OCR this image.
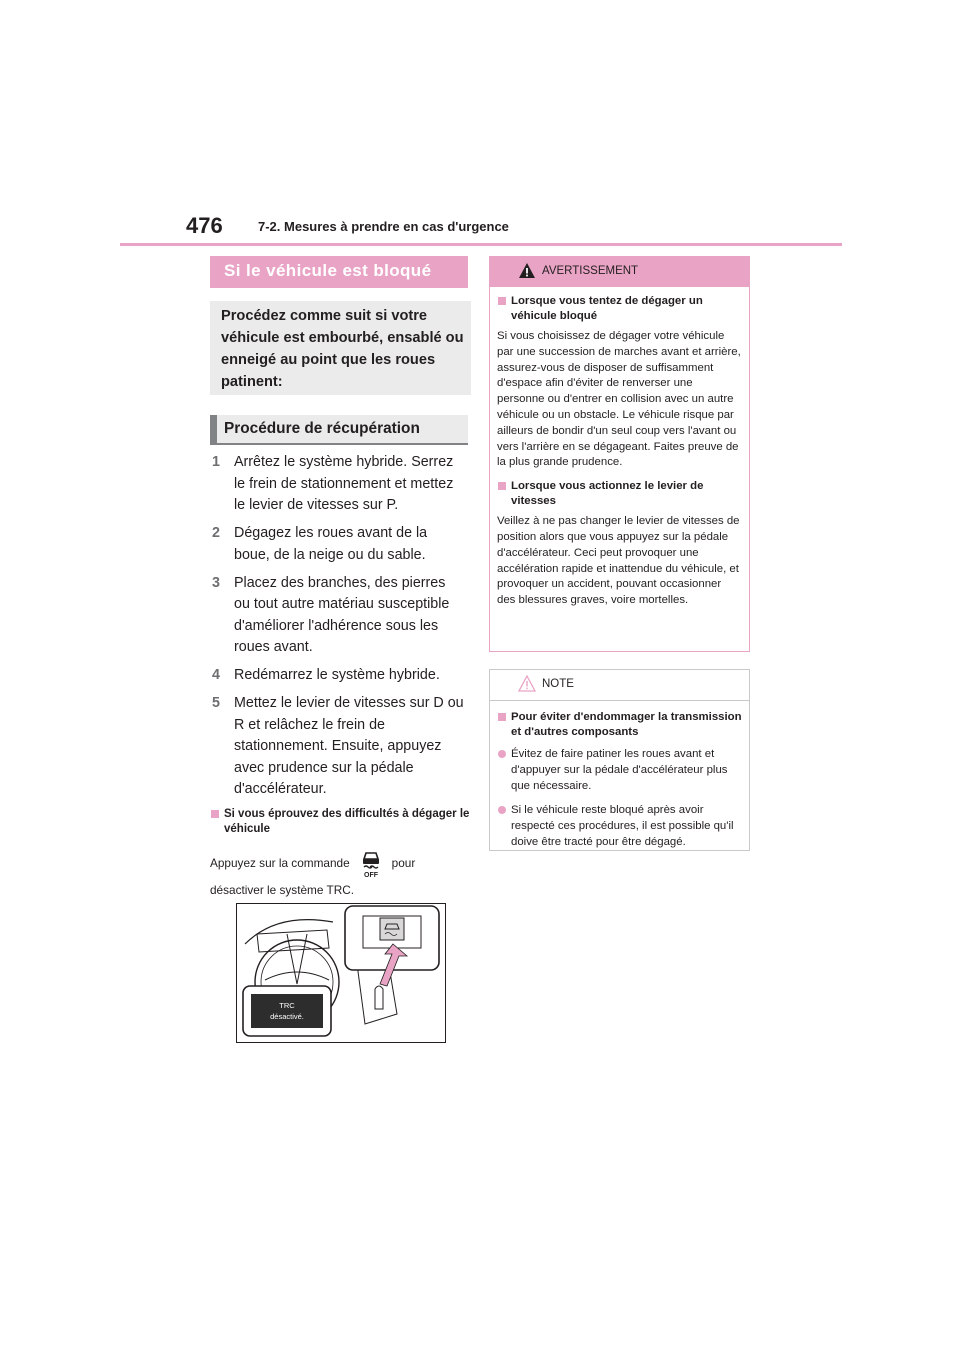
476	7-2. Mesures à prendre en cas d'urgence
Si le véhicule est bloqué
Procédez comme suit si votre véhicule est embourbé, ensablé ou enneigé au point que les roues patinent:
Procédure de récupération
1 Arrêtez le système hybride. Serrez le frein de stationnement et mettez le levier de vitesses sur P.
2 Dégagez les roues avant de la boue, de la neige ou du sable.
3 Placez des branches, des pierres ou tout autre matériau susceptible d'améliorer l'adhérence sous les roues avant.
4 Redémarrez le système hybride.
5 Mettez le levier de vitesses sur D ou R et relâchez le frein de stationnement. Ensuite, appuyez avec prudence sur la pédale d'accélérateur.
Si vous éprouvez des difficultés à dégager le véhicule
Appuyez sur la commande
OFF
pour désactiver le système TRC.
TRC
désactivé.
AVERTISSEMENT
Lorsque vous tentez de dégager un véhicule bloqué
Si vous choisissez de dégager votre véhicule par une succession de marches avant et arrière, assurez-vous de disposer de suffisamment d'espace afin d'éviter de renverser une personne ou d'entrer en collision avec un autre véhicule ou un obstacle. Le véhicule risque par ailleurs de bondir d'un seul coup vers l'avant ou vers l'arrière en se dégageant. Faites preuve de la plus grande prudence.
Lorsque vous actionnez le levier de vitesses
Veillez à ne pas changer le levier de vitesses de position alors que vous appuyez sur la pédale d'accélérateur. Ceci peut provoquer une accélération rapide et inattendue du véhicule, et provoquer un accident, pouvant occasionner des blessures graves, voire mortelles.
NOTE
Pour éviter d'endommager la transmission et d'autres composants
Évitez de faire patiner les roues avant et d'appuyer sur la pédale d'accélérateur plus que nécessaire.
Si le véhicule reste bloqué après avoir respecté ces procédures, il est possible qu'il doive être tracté pour être dégagé.
